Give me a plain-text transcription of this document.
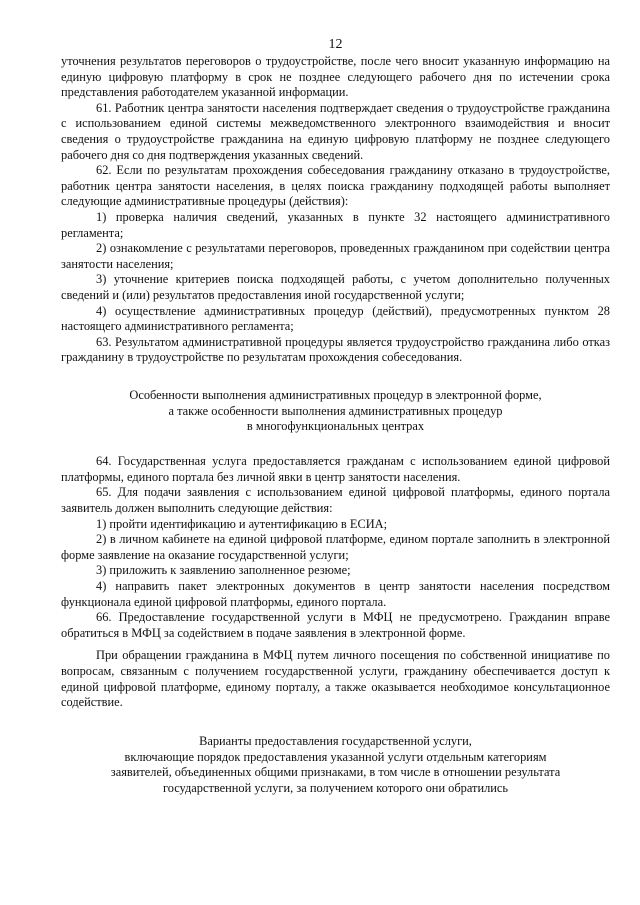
12

уточнения результатов переговоров о трудоустройстве, после чего вносит указанную информацию на единую цифровую платформу в срок не позднее следующего рабочего дня по истечении срока представления работодателем указанной информации.

61. Работник центра занятости населения подтверждает сведения о трудоустройстве гражданина с использованием единой системы межведомственного электронного взаимодействия и вносит сведения о трудоустройстве гражданина на единую цифровую платформу не позднее следующего рабочего дня со дня подтверждения указанных сведений.

62. Если по результатам прохождения собеседования гражданину отказано в трудоустройстве, работник центра занятости населения, в целях поиска гражданину подходящей работы выполняет следующие административные процедуры (действия):

1) проверка наличия сведений, указанных в пункте 32 настоящего административного регламента;

2) ознакомление с результатами переговоров, проведенных гражданином при содействии центра занятости населения;

3) уточнение критериев поиска подходящей работы, с учетом дополнительно полученных сведений и (или) результатов предоставления иной государственной услуги;

4) осуществление административных процедур (действий), предусмотренных пунктом 28 настоящего административного регламента;

63. Результатом административной процедуры является трудоустройство гражданина либо отказ гражданину в трудоустройстве по результатам прохождения собеседования.

Особенности выполнения административных процедур в электронной форме,

а также особенности выполнения административных процедур

в многофункциональных центрах

64. Государственная услуга предоставляется гражданам с использованием единой цифровой платформы, единого портала без личной явки в центр занятости населения.

65. Для подачи заявления с использованием единой цифровой платформы, единого портала заявитель должен выполнить следующие действия:

1) пройти идентификацию и аутентификацию в ЕСИА;

2) в личном кабинете на единой цифровой платформе, едином портале заполнить в электронной форме заявление на оказание государственной услуги;

3) приложить к заявлению заполненное резюме;

4) направить пакет электронных документов в центр занятости населения посредством функционала единой цифровой платформы, единого портала.

66. Предоставление государственной услуги в МФЦ не предусмотрено. Гражданин вправе обратиться в МФЦ за содействием в подаче заявления в электронной форме.

При обращении гражданина в МФЦ путем личного посещения по собственной инициативе по вопросам, связанным с получением государственной услуги, гражданину обеспечивается доступ к единой цифровой платформе, единому порталу, а также оказывается необходимое консультационное содействие.

Варианты предоставления государственной услуги,

включающие порядок предоставления указанной услуги отдельным категориям

заявителей, объединенных общими признаками, в том числе в отношении результата

государственной услуги, за получением которого они обратились
